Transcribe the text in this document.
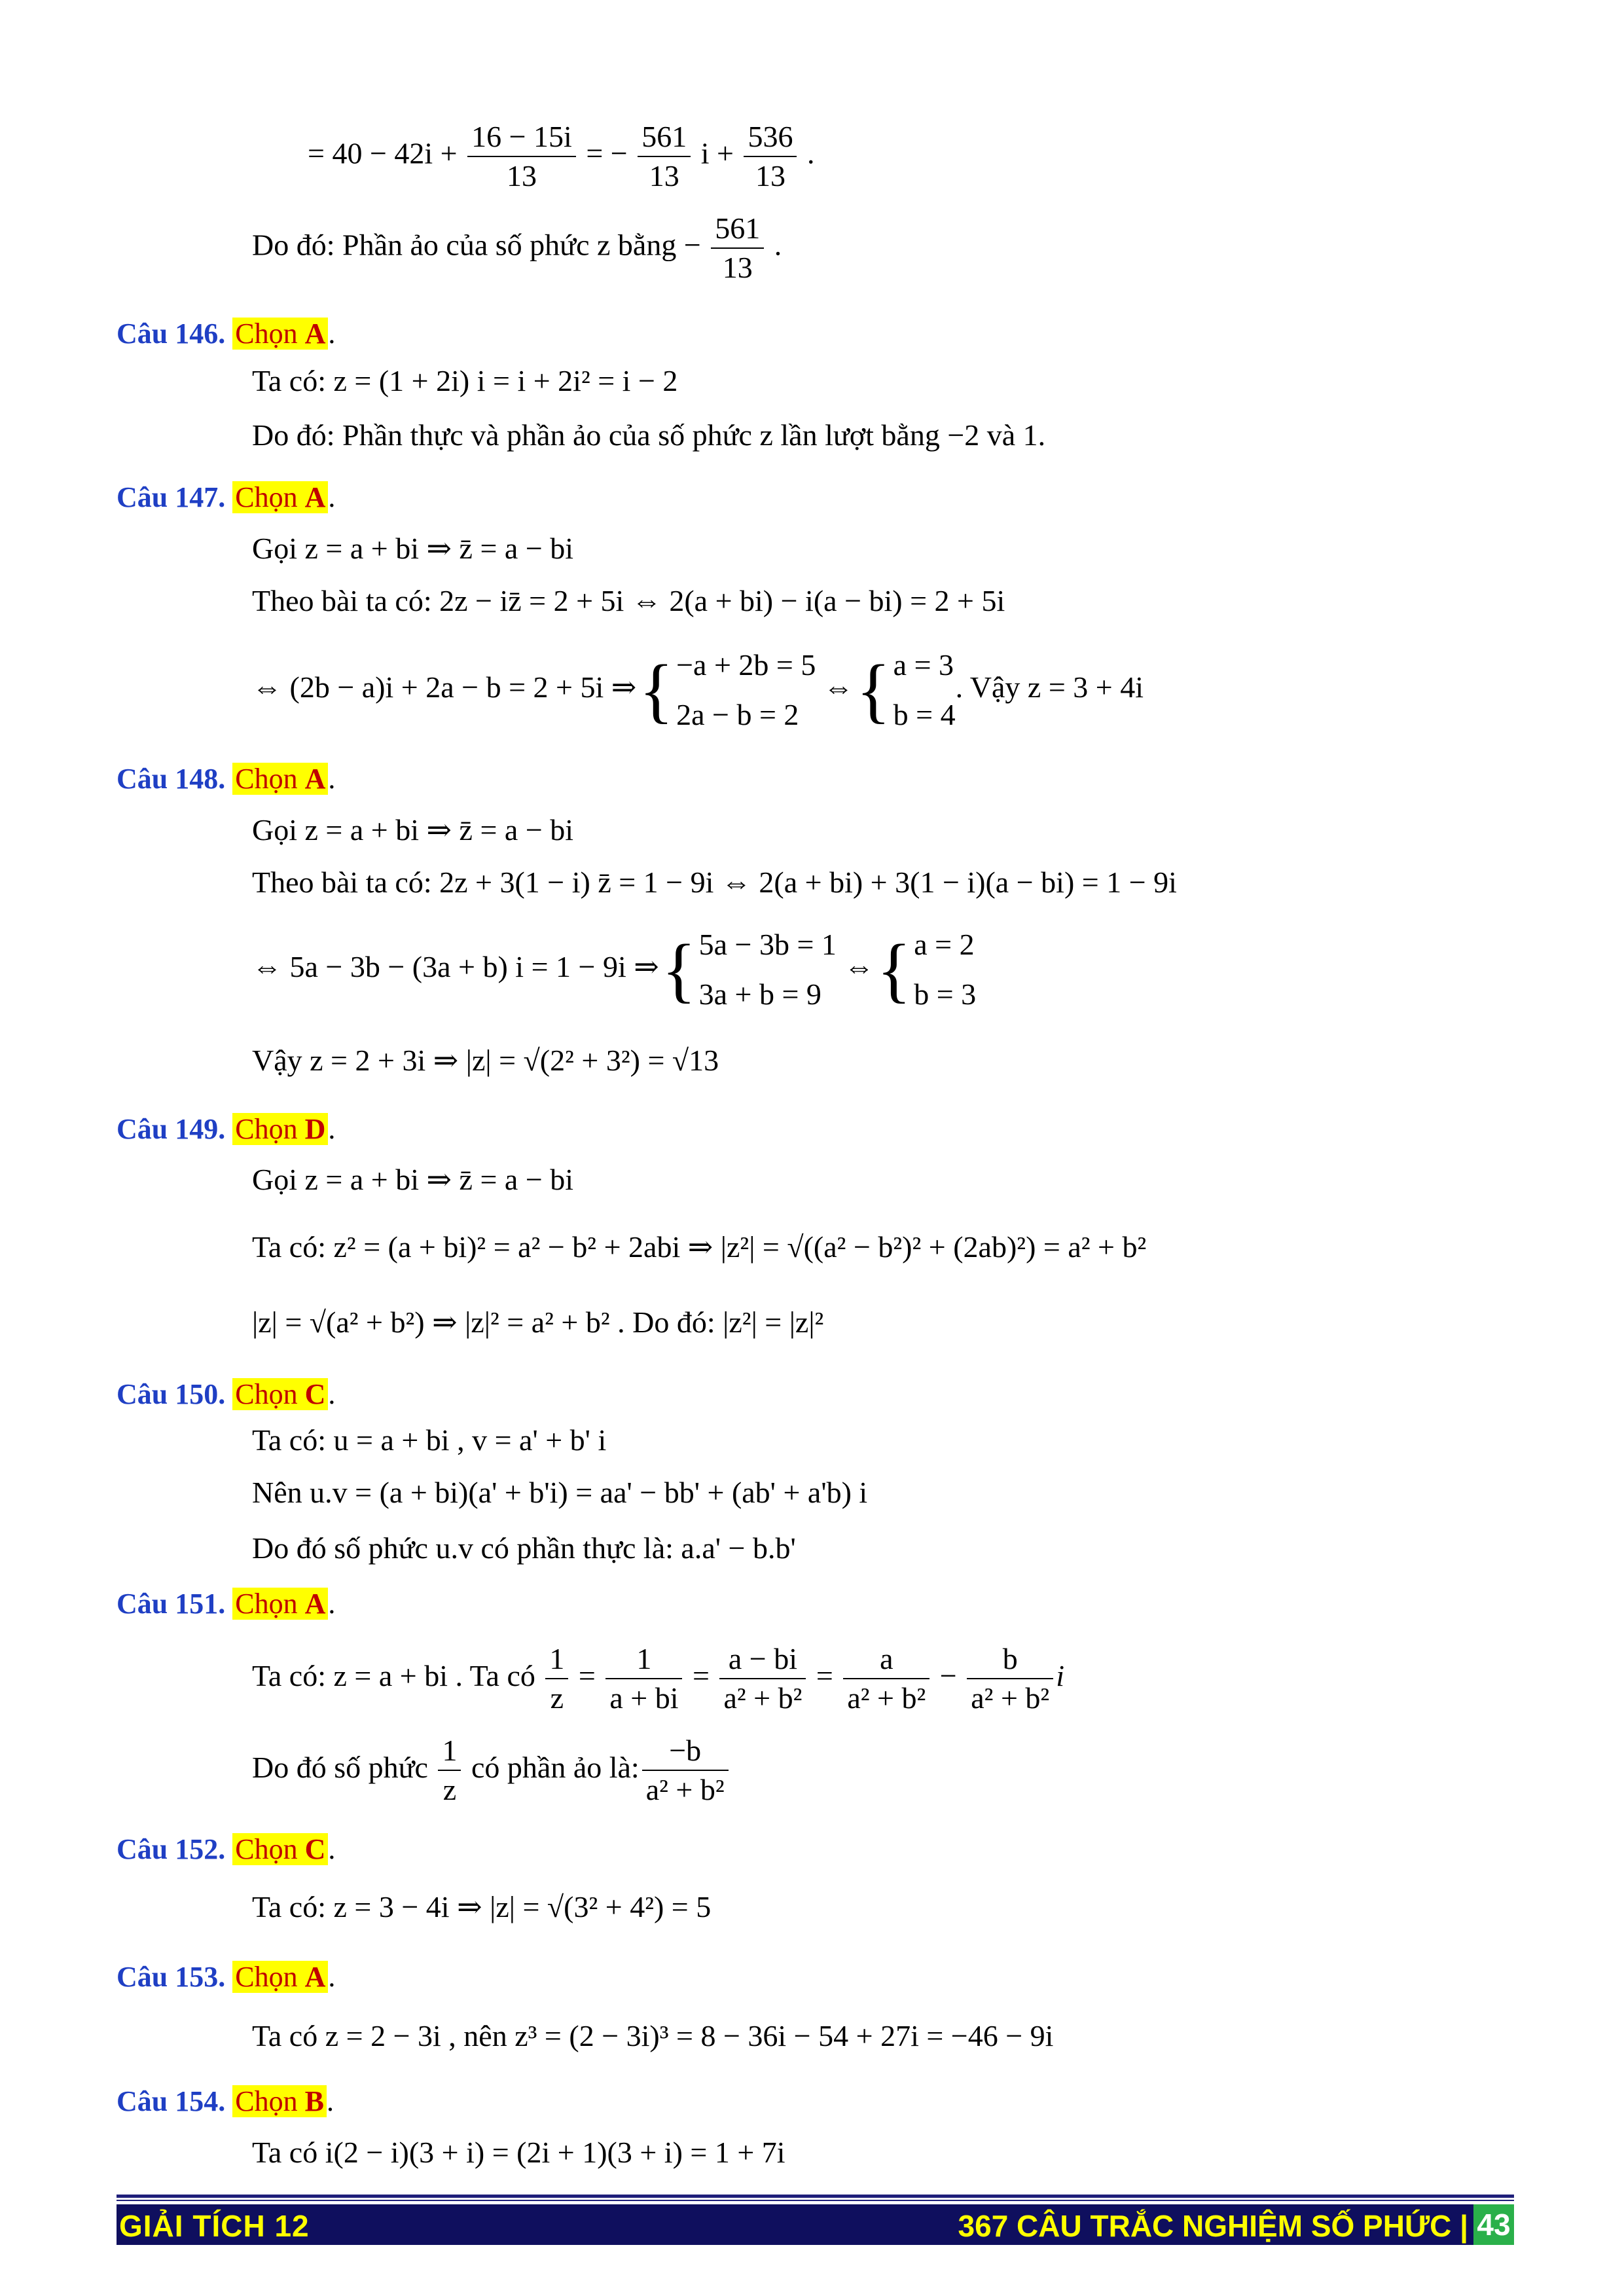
= $40 - 42i + \frac{16 - 15i}{13}$ = − $\frac{561}{13}$ $i + \frac{536}{13}$ .
Do đó: Phần ảo của số phức z bằng − $\frac{561}{13}$ .
Câu 146. Chọn A.
Ta có: z = (1 + 2i) i = i + 2i² = i − 2
Do đó: Phần thực và phần ảo của số phức z lần lượt bằng −2 và 1.
Câu 147. Chọn A.
Gọi z = a + bi ⇒ z̄ = a − bi
Theo bài ta có: 2z − iz̄ = 2 + 5i ⇔ 2(a + bi) − i(a − bi) = 2 + 5i
⇔ (2b − a)i + 2a − b = 2 + 5i ⇒{ −a + 2b = 5
2a − b = 2
⇔{ a = 3
b = 4
. Vậy z = 3 + 4i
Câu 148. Chọn A.
Gọi z = a + bi ⇒ z̄ = a − bi
Theo bài ta có: 2z + 3(1 − i) z̄ = 1 − 9i ⇔ 2(a + bi) + 3(1 − i)(a − bi) = 1 − 9i
⇔ 5a − 3b − (3a + b) i = 1 − 9i ⇒{ 5a − 3b = 1
3a + b = 9
⇔{ a = 2
b = 3
Vậy z = 2 + 3i ⇒ |z| = √(2² + 3²) = √13
Câu 149. Chọn D.
Gọi z = a + bi ⇒ z̄ = a − bi
Ta có: z² = (a + bi)² = a² − b² + 2abi ⇒ |z²| = √((a² − b²)² + (2ab)²) = a² + b²
|z| = √(a² + b²) ⇒ |z|² = a² + b² . Do đó: |z²| = |z|²
Câu 150. Chọn C.
Ta có: u = a + bi , v = a' + b' i
Nên u.v = (a + bi)(a' + b'i) = aa' − bb' + (ab' + a'b) i
Do đó số phức u.v có phần thực là: a.a' − b.b'
Câu 151. Chọn A.
Ta có: z = a + bi . Ta có $\frac{1}{z} = \frac{1}{a + bi} = \frac{a - bi}{\text{a² + b²}} = \frac{a}{\text{a² + b²}} - \frac{b}{\text{a² + b²}}$ i
Do đó số phức $\frac{1}{z}$ có phần ảo là: $\frac{-b}{\text{a² + b²}}$
Câu 152. Chọn C.
Ta có: z = 3 − 4i ⇒ |z| = √(3² + 4²) = 5
Câu 153. Chọn A.
Ta có z = 2 − 3i , nên z³ = (2 − 3i)³ = 8 − 36i − 54 + 27i = −46 − 9i
Câu 154. Chọn B.
Ta có i(2 − i)(3 + i) = (2i + 1)(3 + i) = 1 + 7i
GIẢI TÍCH 12	367 CÂU TRẮC NGHIỆM SỐ PHỨC | 43
